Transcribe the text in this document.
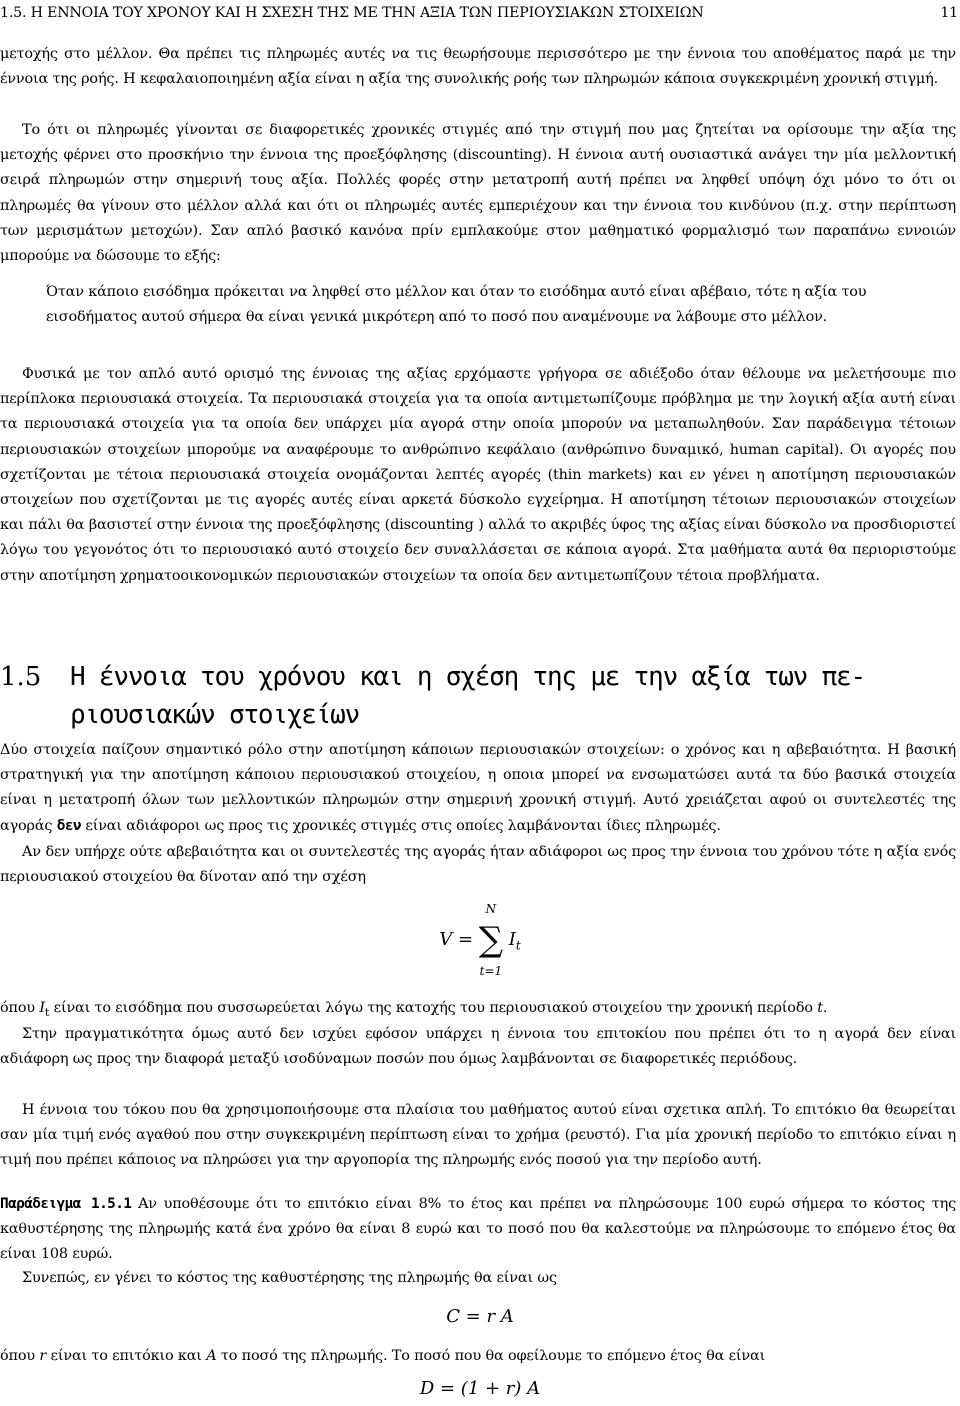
1.5. Η ΕΝΝΟΙΑ ΤΟΥ ΧΡΟΝΟΥ ΚΑΙ Η ΣΧΕΣΗ ΤΗΣ ΜΕ ΤΗΝ ΑΞΙΑ ΤΩΝ ΠΕΡΙΟΥΣΙΑΚΩΝ ΣΤΟΙΧΕΙΩΝ	11

μετοχής στο μέλλον. Θα πρέπει τις πληρωμές αυτές να τις θεωρήσουμε περισσότερο με την έννοια του αποθέματος παρά με την έννοια της ροής. Η κεφαλαιοποιημένη αξία είναι η αξία της συνολικής ροής των πληρωμών κάποια συγκεκριμένη χρονική στιγμή.

Το ότι οι πληρωμές γίνονται σε διαφορετικές χρονικές στιγμές από την στιγμή που μας ζητείται να ορίσουμε την αξία της μετοχής φέρνει στο προσκήνιο την έννοια της προεξόφλησης (discounting). Η έννοια αυτή ουσιαστικά ανάγει την μία μελλοντική σειρά πληρωμών στην σημερινή τους αξία. Πολλές φορές στην μετατροπή αυτή πρέπει να ληφθεί υπόψη όχι μόνο το ότι οι πληρωμές θα γίνουν στο μέλλον αλλά και ότι οι πληρωμές αυτές εμπεριέχουν και την έννοια του κινδύνου (π.χ. στην περίπτωση των μερισμάτων μετοχών). Σαν απλό βασικό κανόνα πρίν εμπλακούμε στον μαθηματικό φορμαλισμό των παραπάνω εννοιών μπορούμε να δώσουμε το εξής:

Όταν κάποιο εισόδημα πρόκειται να ληφθεί στο μέλλον και όταν το εισόδημα αυτό είναι αβέβαιο, τότε η αξία του εισοδήματος αυτού σήμερα θα είναι γενικά μικρότερη από το ποσό που αναμένουμε να λάβουμε στο μέλλον.

Φυσικά με τον απλό αυτό ορισμό της έννοιας της αξίας ερχόμαστε γρήγορα σε αδιέξοδο όταν θέλουμε να μελετήσουμε πιο περίπλοκα περιουσιακά στοιχεία. Τα περιουσιακά στοιχεία για τα οποία αντιμετωπίζουμε πρόβλημα με την λογική αξία αυτή είναι τα περιουσιακά στοιχεία για τα οποία δεν υπάρχει μία αγορά στην οποία μπορούν να μεταπωληθούν. Σαν παράδειγμα τέτοιων περιουσιακών στοιχείων μπορούμε να αναφέρουμε το ανθρώπινο κεφάλαιο (ανθρώπινο δυναμικό, human capital). Οι αγορές που σχετίζονται με τέτοια περιουσιακά στοιχεία ονομάζονται λεπτές αγορές (thin markets) και εν γένει η αποτίμηση περιουσιακών στοιχείων που σχετίζονται με τις αγορές αυτές είναι αρκετά δύσκολο εγχείρημα. Η αποτίμηση τέτοιων περιουσιακών στοιχείων και πάλι θα βασιστεί στην έννοια της προεξόφλησης (discounting ) αλλά το ακριβές ύφος της αξίας είναι δύσκολο να προσδιοριστεί λόγω του γεγονότος ότι το περιουσιακό αυτό στοιχείο δεν συναλλάσεται σε κάποια αγορά. Στα μαθήματα αυτά θα περιοριστούμε στην αποτίμηση χρηματοοικονομικών περιουσιακών στοιχείων τα οποία δεν αντιμετωπίζουν τέτοια προβλήματα.

1.5 Η έννοια του χρόνου και η σχέση της με την αξία των πε-
ριουσιακών στοιχείων

Δύο στοιχεία παίζουν σημαντικό ρόλο στην αποτίμηση κάποιων περιουσιακών στοιχείων: ο χρόνος και η αβεβαιότητα. Η βασική στρατηγική για την αποτίμηση κάποιου περιουσιακού στοιχείου, η οποια μπορεί να ενσωματώσει αυτά τα δύο βασικά στοιχεία είναι η μετατροπή όλων των μελλοντικών πληρωμών στην σημερινή χρονική στιγμή. Αυτό χρειάζεται αφού οι συντελεστές της αγοράς δεν είναι αδιάφοροι ως προς τις χρονικές στιγμές στις οποίες λαμβάνονται ίδιες πληρωμές.

Αν δεν υπήρχε ούτε αβεβαιότητα και οι συντελεστές της αγοράς ήταν αδιάφοροι ως προς την έννοια του χρόνου τότε η αξία ενός περιουσιακού στοιχείου θα δίνοταν από την σχέση

V = ∑
N
t=1
$I_t$

όπου $I_t$ είναι το εισόδημα που συσσωρεύεται λόγω της κατοχής του περιουσιακού στοιχείου την χρονική περίοδο t.

Στην πραγματικότητα όμως αυτό δεν ισχύει εφόσον υπάρχει η έννοια του επιτοκίου που πρέπει ότι το η αγορά δεν είναι αδιάφορη ως προς την διαφορά μεταξύ ισοδύναμων ποσών που όμως λαμβάνονται σε διαφορετικές περιόδους.

Η έννοια του τόκου που θα χρησιμοποιήσουμε στα πλαίσια του μαθήματος αυτού είναι σχετικα απλή. Το επιτόκιο θα θεωρείται σαν μία τιμή ενός αγαθού που στην συγκεκριμένη περίπτωση είναι το χρήμα (ρευστό). Για μία χρονική περίοδο το επιτόκιο είναι η τιμή που πρέπει κάποιος να πληρώσει για την αργοπορία της πληρωμής ενός ποσού για την περίοδο αυτή.

Παράδειγμα 1.5.1 Αν υποθέσουμε ότι το επιτόκιο είναι 8% το έτος και πρέπει να πληρώσουμε 100 ευρώ σήμερα το κόστος της καθυστέρησης της πληρωμής κατά ένα χρόνο θα είναι 8 ευρώ και το ποσό που θα καλεστούμε να πληρώσουμε το επόμενο έτος θα είναι 108 ευρώ.

Συνεπώς, εν γένει το κόστος της καθυστέρησης της πληρωμής θα είναι ως

C = r A

όπου r είναι το επιτόκιο και A το ποσό της πληρωμής. Το ποσό που θα οφείλουμε το επόμενο έτος θα είναι

D = (1 + r) A
